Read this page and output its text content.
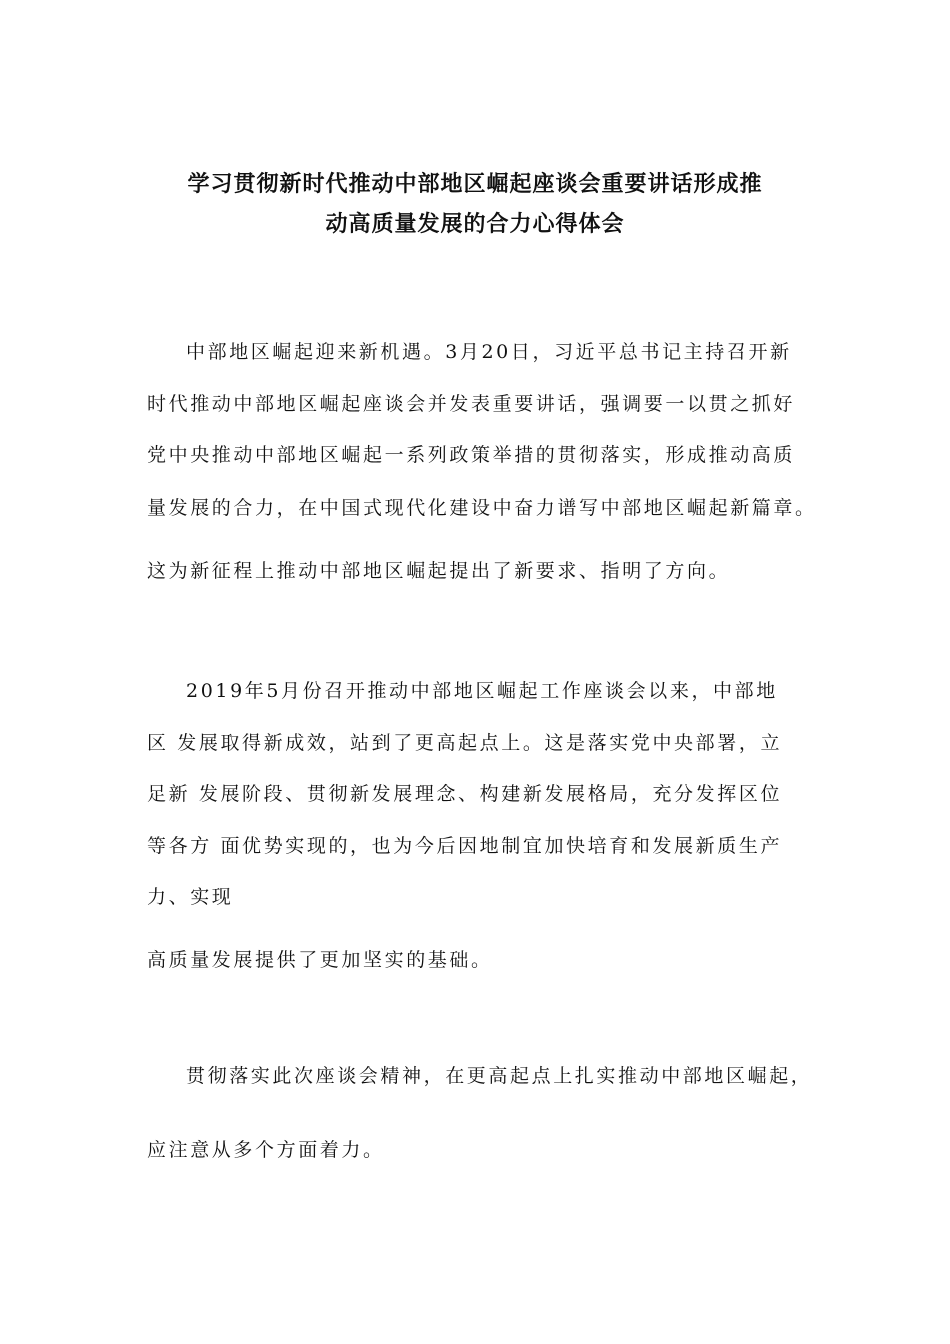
学习贯彻新时代推动中部地区崛起座谈会重要讲话形成推
动高质量发展的合力心得体会
中部地区崛起迎来新机遇。3月20日，习近平总书记主持召开新
时代推动中部地区崛起座谈会并发表重要讲话，强调要一以贯之抓好
党中央推动中部地区崛起一系列政策举措的贯彻落实，形成推动高质
量发展的合力，在中国式现代化建设中奋力谱写中部地区崛起新篇章。
这为新征程上推动中部地区崛起提出了新要求、指明了方向。
2019年5月份召开推动中部地区崛起工作座谈会以来，中部地
区 发展取得新成效，站到了更高起点上。这是落实党中央部署，立
足新 发展阶段、贯彻新发展理念、构建新发展格局，充分发挥区位
等各方 面优势实现的，也为今后因地制宜加快培育和发展新质生产
力、实现
高质量发展提供了更加坚实的基础。
贯彻落实此次座谈会精神，在更高起点上扎实推动中部地区崛起，
应注意从多个方面着力。
